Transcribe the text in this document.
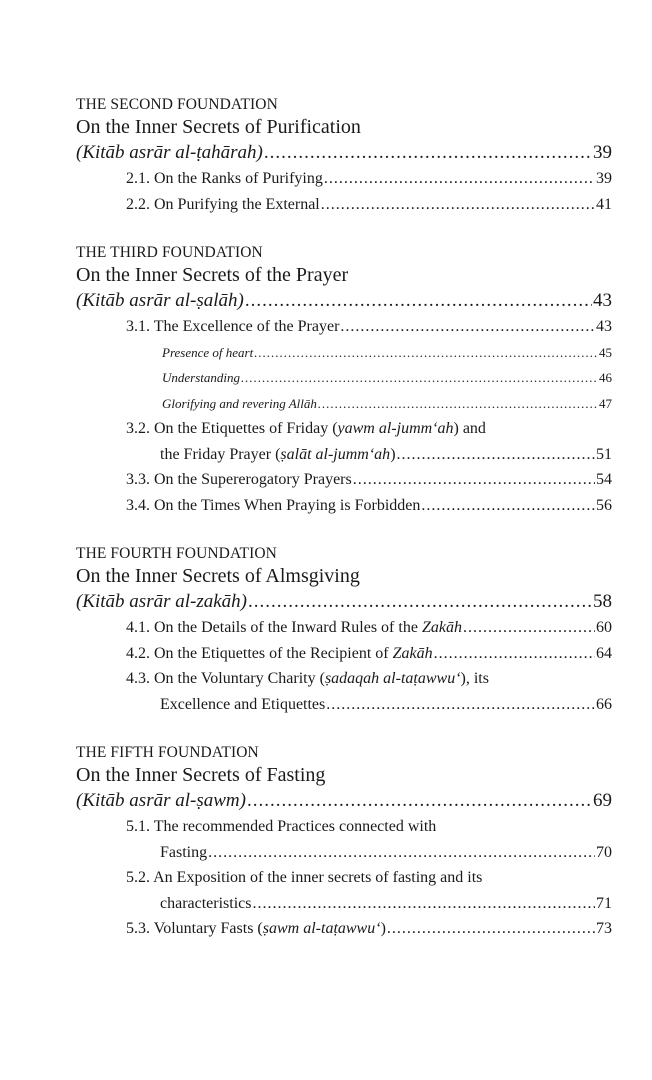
THE SECOND FOUNDATION
On the Inner Secrets of Purification
(Kitāb asrār al-ṭahārah) .....	39
2.1. On the Ranks of Purifying .....	39
2.2. On Purifying the External .....	41
THE THIRD FOUNDATION
On the Inner Secrets of the Prayer
(Kitāb asrār al-ṣalāh) .....	43
3.1. The Excellence of the Prayer .....	43
Presence of heart .....	45
Understanding .....	46
Glorifying and revering Allāh .....	47
3.2. On the Etiquettes of Friday (yawm al-jumm‘ah) and
the Friday Prayer (ṣalāt al-jumm‘ah) .....	51
3.3. On the Supererogatory Prayers .....	54
3.4. On the Times When Praying is Forbidden .....	56
THE FOURTH FOUNDATION
On the Inner Secrets of Almsgiving
(Kitāb asrār al-zakāh) .....	58
4.1. On the Details of the Inward Rules of the Zakāh .....	60
4.2. On the Etiquettes of the Recipient of Zakāh .....	64
4.3. On the Voluntary Charity (ṣadaqah al-taṭawwu‘), its
Excellence and Etiquettes .....	66
THE FIFTH FOUNDATION
On the Inner Secrets of Fasting
(Kitāb asrār al-ṣawm) .....	69
5.1. The recommended Practices connected with
Fasting .....	70
5.2. An Exposition of the inner secrets of fasting and its
characteristics .....	71
5.3. Voluntary Fasts (ṣawm al-taṭawwu‘) .....	73
